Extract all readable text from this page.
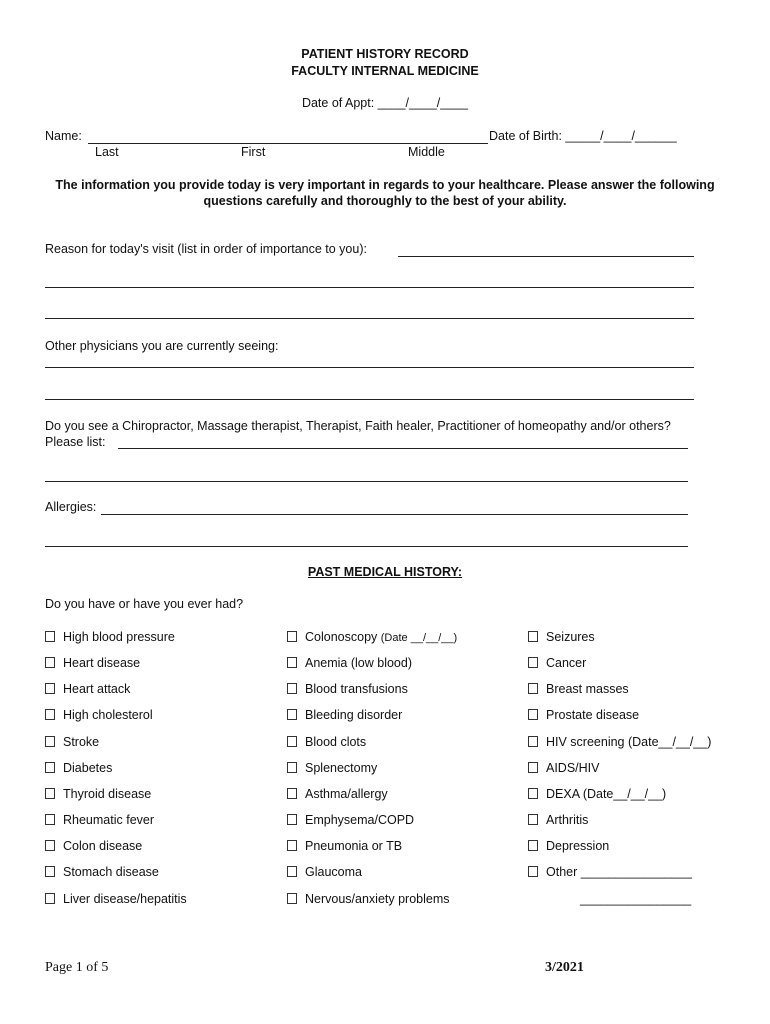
PATIENT HISTORY RECORD
FACULTY INTERNAL MEDICINE
Date of Appt: ____/____/____
Name:	Date of Birth: _____/____/______
Last	First	Middle
The information you provide today is very important in regards to your healthcare. Please answer the following
questions carefully and thoroughly to the best of your ability.
Reason for today's visit (list in order of importance to you):
Other physicians you are currently seeing:
Do you see a Chiropractor, Massage therapist, Therapist, Faith healer, Practitioner of homeopathy and/or others?
Please list:
Allergies:
PAST MEDICAL HISTORY:
Do you have or have you ever had?
High blood pressure
Heart disease
Heart attack
High cholesterol
Stroke
Diabetes
Thyroid disease
Rheumatic fever
Colon disease
Stomach disease
Liver disease/hepatitis
Colonoscopy (Date __/__/__)
Anemia (low blood)
Blood transfusions
Bleeding disorder
Blood clots
Splenectomy
Asthma/allergy
Emphysema/COPD
Pneumonia or TB
Glaucoma
Nervous/anxiety problems
Seizures
Cancer
Breast masses
Prostate disease
HIV screening (Date__/__/__)
AIDS/HIV
DEXA (Date__/__/__)
Arthritis
Depression
Other ________________
________________
Page 1 of 5	3/2021
